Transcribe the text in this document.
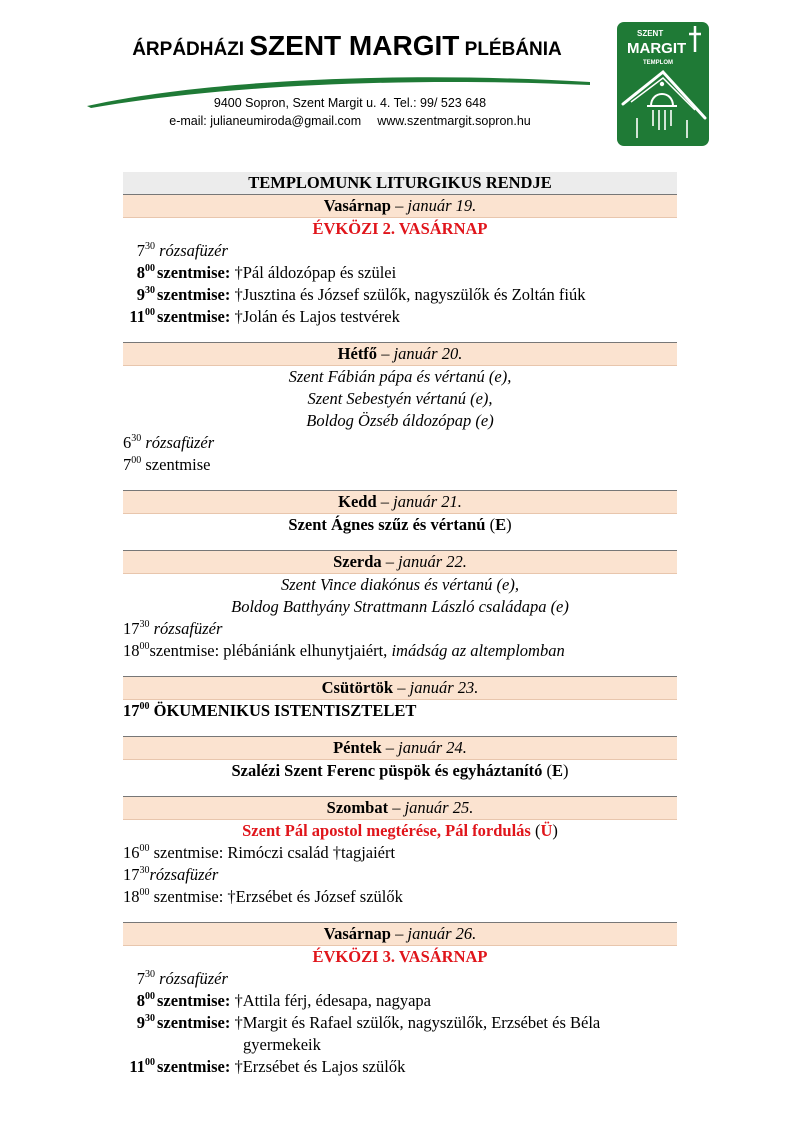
ÁRPÁDHÁZI SZENT MARGIT PLÉBÁNIA
9400 Sopron, Szent Margit u. 4. Tel.: 99/ 523 648
e-mail: julianeumiroda@gmail.com www.szentmargit.sopron.hu
SZENT
MARGIT
TEMPLOM
TEMPLOMUNK LITURGIKUS RENDJE
Vasárnap – január 19.
ÉVKÖZI 2. VASÁRNAP
$7^{30}$ rózsafüzér
$8^{00}$ szentmise: †Pál áldozópap és szülei
$9^{30}$ szentmise: †Jusztina és József szülők, nagyszülők és Zoltán fiúk
$11^{00}$ szentmise: †Jolán és Lajos testvérek
Hétfő – január 20.
Szent Fábián pápa és vértanú (e),
Szent Sebestyén vértanú (e),
Boldog Özséb áldozópap (e)
$6^{30}$ rózsafüzér
$7^{00}$ szentmise
Kedd – január 21.
Szent Ágnes szűz és vértanú (E)
Szerda – január 22.
Szent Vince diakónus és vértanú (e),
Boldog Batthyány Strattmann László családapa (e)
$17^{30}$ rózsafüzér
$18^{00}szentmise$: plébániánk elhunytjaiért, imádság az altemplomban
Csütörtök – január 23.
$17^{00}$ ÖKUMENIKUS ISTENTISZTELET
Péntek – január 24.
Szalézi Szent Ferenc püspök és egyháztanító (E)
Szombat – január 25.
Szent Pál apostol megtérése, Pál fordulás (Ü)
$16^{00}$ szentmise: Rimóczi család †tagjaiért
$17^{30}rózsafüzér$
$18^{00}$ szentmise: †Erzsébet és József szülők
Vasárnap – január 26.
ÉVKÖZI 3. VASÁRNAP
$7^{30}$ rózsafüzér
$8^{00}$ szentmise: †Attila férj, édesapa, nagyapa
$9^{30}$ szentmise: †Margit és Rafael szülők, nagyszülők, Erzsébet és Béla
gyermekeik
$11^{00}$ szentmise: †Erzsébet és Lajos szülők
